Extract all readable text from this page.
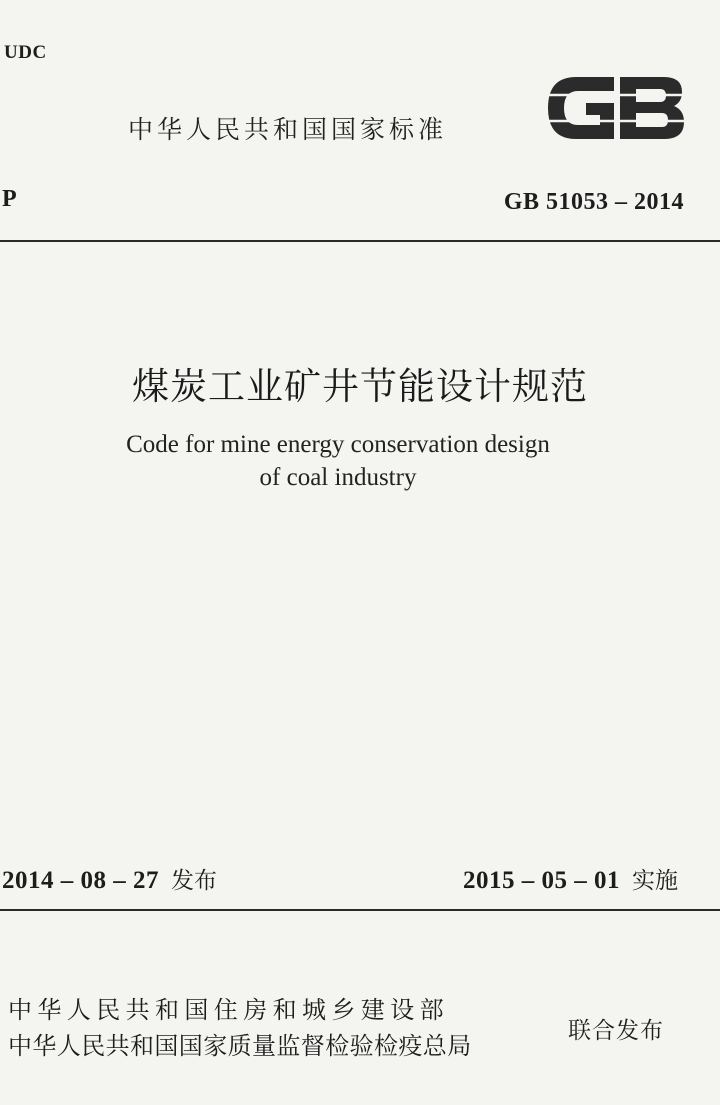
UDC
中华人民共和国国家标准
P	GB 51053 – 2014
煤炭工业矿井节能设计规范
Code for mine energy conservation design
of coal industry
2014 – 08 – 27 发布	2015 – 05 – 01 实施
中华人民共和国住房和城乡建设部
中华人民共和国国家质量监督检验检疫总局
联合发布
